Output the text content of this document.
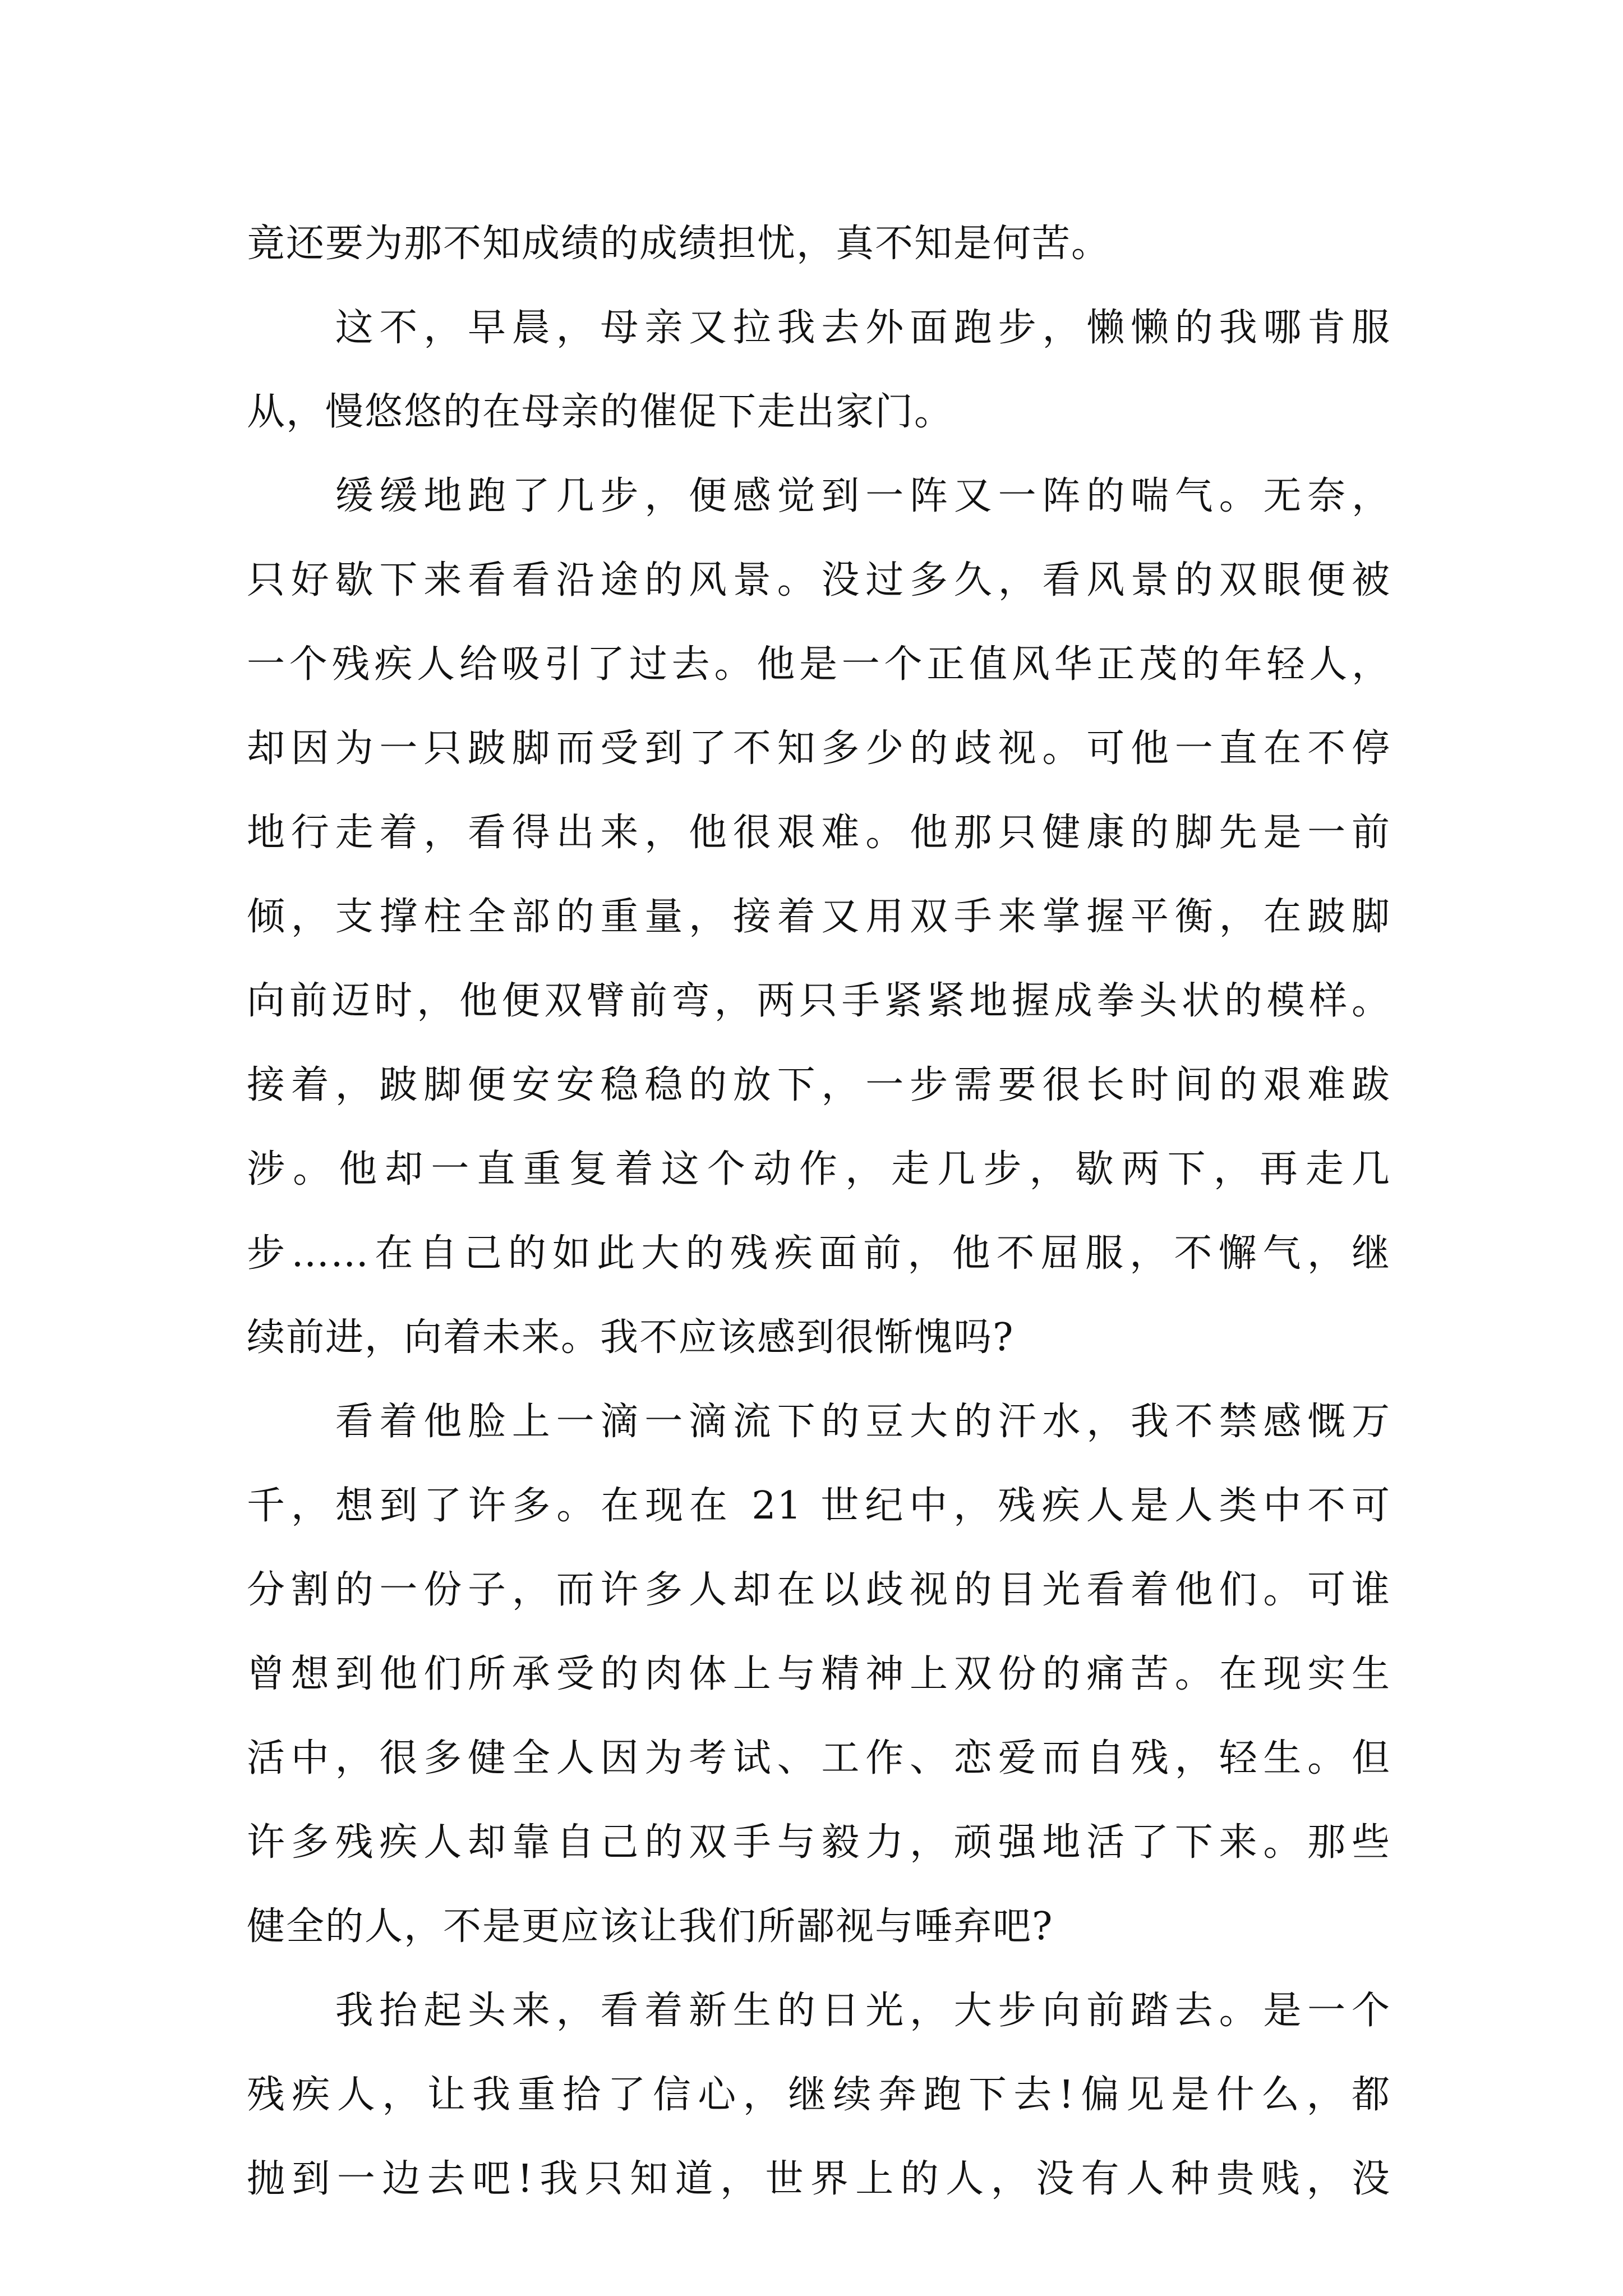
竟还要为那不知成绩的成绩担忧，真不知是何苦。
　　这不，早晨，母亲又拉我去外面跑步，懒懒的我哪肯服
从，慢悠悠的在母亲的催促下走出家门。
　　缓缓地跑了几步，便感觉到一阵又一阵的喘气。无奈，
只好歇下来看看沿途的风景。没过多久，看风景的双眼便被
一个残疾人给吸引了过去。他是一个正值风华正茂的年轻人，
却因为一只跛脚而受到了不知多少的歧视。可他一直在不停
地行走着，看得出来，他很艰难。他那只健康的脚先是一前
倾，支撑柱全部的重量，接着又用双手来掌握平衡，在跛脚
向前迈时，他便双臂前弯，两只手紧紧地握成拳头状的模样。
接着，跛脚便安安稳稳的放下，一步需要很长时间的艰难跋
涉。他却一直重复着这个动作，走几步，歇两下，再走几
步……在自己的如此大的残疾面前，他不屈服，不懈气，继
续前进，向着未来。我不应该感到很惭愧吗?
　　看着他脸上一滴一滴流下的豆大的汗水，我不禁感慨万
千，想到了许多。在现在 21 世纪中，残疾人是人类中不可
分割的一份子，而许多人却在以歧视的目光看着他们。可谁
曾想到他们所承受的肉体上与精神上双份的痛苦。在现实生
活中，很多健全人因为考试、工作、恋爱而自残，轻生。但
许多残疾人却靠自己的双手与毅力，顽强地活了下来。那些
健全的人，不是更应该让我们所鄙视与唾弃吧?
　　我抬起头来，看着新生的日光，大步向前踏去。是一个
残疾人，让我重拾了信心，继续奔跑下去!偏见是什么，都
抛到一边去吧!我只知道，世界上的人，没有人种贵贱，没
